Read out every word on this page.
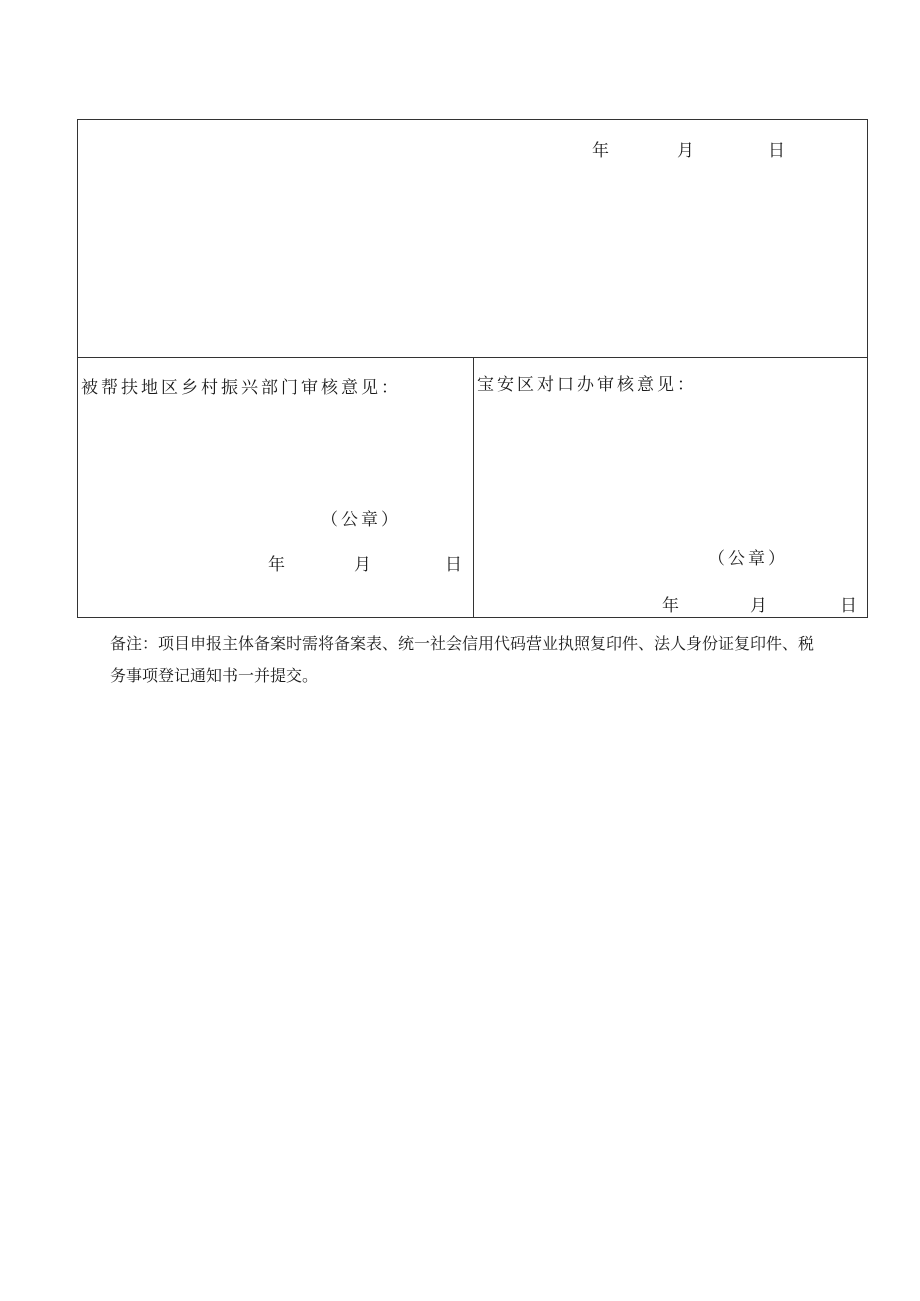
年	月	日
被帮扶地区乡村振兴部门审核意见：
（公章）
年	月	日
宝安区对口办审核意见：
（公章）
年	月	日
备注：项目申报主体备案时需将备案表、统一社会信用代码营业执照复印件、法人身份证复印件、税
务事项登记通知书一并提交。
